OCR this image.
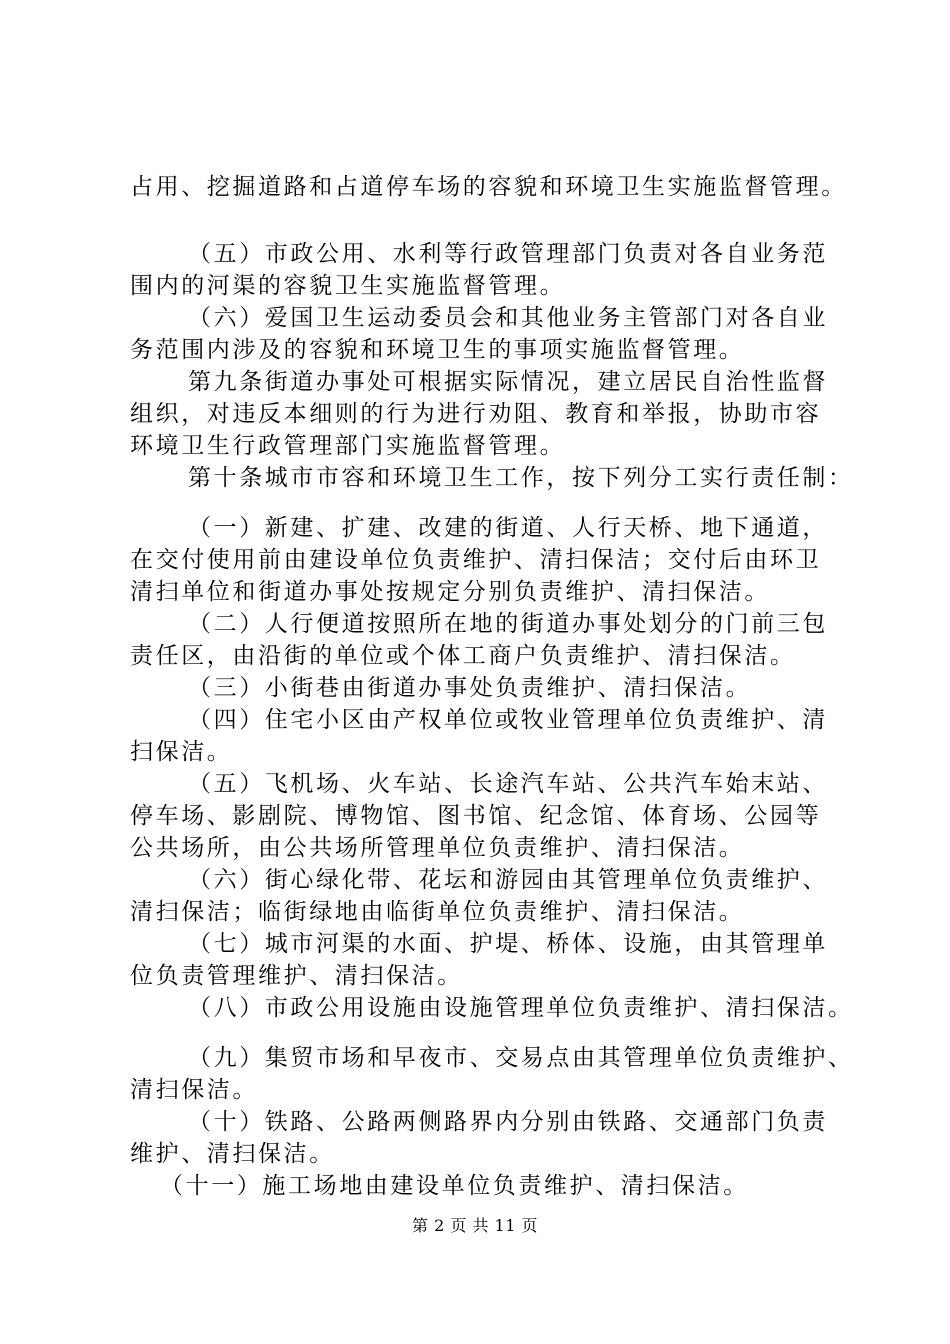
占用、挖掘道路和占道停车场的容貌和环境卫生实施监督管理。
（五）市政公用、水利等行政管理部门负责对各自业务范
围内的河渠的容貌卫生实施监督管理。
（六）爱国卫生运动委员会和其他业务主管部门对各自业
务范围内涉及的容貌和环境卫生的事项实施监督管理。
第九条街道办事处可根据实际情况，建立居民自治性监督
组织，对违反本细则的行为进行劝阻、教育和举报，协助市容
环境卫生行政管理部门实施监督管理。
第十条城市市容和环境卫生工作，按下列分工实行责任制：
（一）新建、扩建、改建的街道、人行天桥、地下通道，
在交付使用前由建设单位负责维护、清扫保洁；交付后由环卫
清扫单位和街道办事处按规定分别负责维护、清扫保洁。
（二）人行便道按照所在地的街道办事处划分的门前三包
责任区，由沿街的单位或个体工商户负责维护、清扫保洁。
（三）小街巷由街道办事处负责维护、清扫保洁。
（四）住宅小区由产权单位或牧业管理单位负责维护、清
扫保洁。
（五）飞机场、火车站、长途汽车站、公共汽车始末站、
停车场、影剧院、博物馆、图书馆、纪念馆、体育场、公园等
公共场所，由公共场所管理单位负责维护、清扫保洁。
（六）街心绿化带、花坛和游园由其管理单位负责维护、
清扫保洁；临街绿地由临街单位负责维护、清扫保洁。
（七）城市河渠的水面、护堤、桥体、设施，由其管理单
位负责管理维护、清扫保洁。
（八）市政公用设施由设施管理单位负责维护、清扫保洁。
（九）集贸市场和早夜市、交易点由其管理单位负责维护、
清扫保洁。
（十）铁路、公路两侧路界内分别由铁路、交通部门负责
维护、清扫保洁。
（十一）施工场地由建设单位负责维护、清扫保洁。
第 2 页 共 11 页
